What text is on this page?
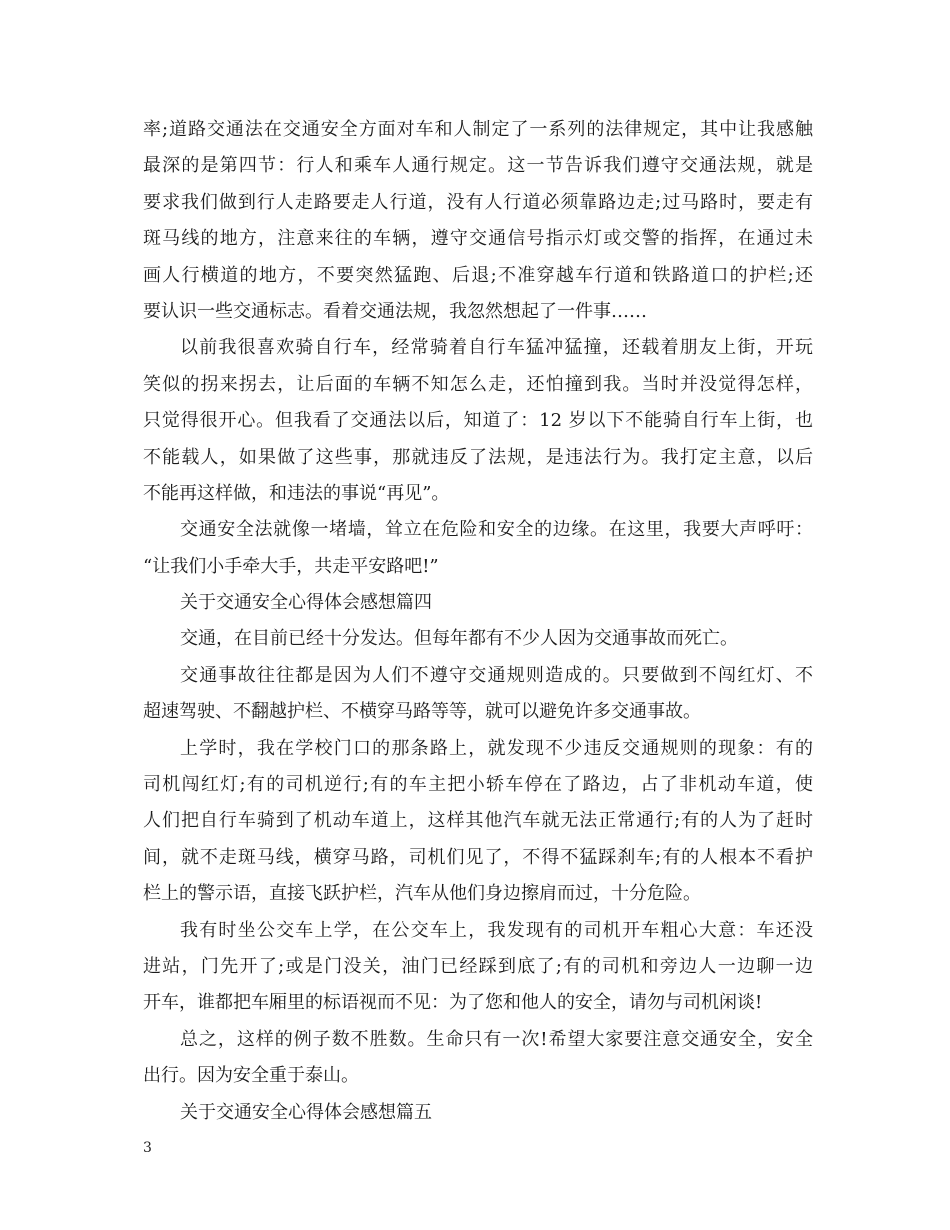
率;道路交通法在交通安全方面对车和人制定了一系列的法律规定，其中让我感触
最深的是第四节：行人和乘车人通行规定。这一节告诉我们遵守交通法规，就是
要求我们做到行人走路要走人行道，没有人行道必须靠路边走;过马路时，要走有
斑马线的地方，注意来往的车辆，遵守交通信号指示灯或交警的指挥，在通过未
画人行横道的地方，不要突然猛跑、后退;不准穿越车行道和铁路道口的护栏;还
要认识一些交通标志。看着交通法规，我忽然想起了一件事……
以前我很喜欢骑自行车，经常骑着自行车猛冲猛撞，还载着朋友上街，开玩
笑似的拐来拐去，让后面的车辆不知怎么走，还怕撞到我。当时并没觉得怎样，
只觉得很开心。但我看了交通法以后，知道了：12 岁以下不能骑自行车上街，也
不能载人，如果做了这些事，那就违反了法规，是违法行为。我打定主意，以后
不能再这样做，和违法的事说“再见”。
交通安全法就像一堵墙，耸立在危险和安全的边缘。在这里，我要大声呼吁：
“让我们小手牵大手，共走平安路吧!”
关于交通安全心得体会感想篇四
交通，在目前已经十分发达。但每年都有不少人因为交通事故而死亡。
交通事故往往都是因为人们不遵守交通规则造成的。只要做到不闯红灯、不
超速驾驶、不翻越护栏、不横穿马路等等，就可以避免许多交通事故。
上学时，我在学校门口的那条路上，就发现不少违反交通规则的现象：有的
司机闯红灯;有的司机逆行;有的车主把小轿车停在了路边，占了非机动车道，使
人们把自行车骑到了机动车道上，这样其他汽车就无法正常通行;有的人为了赶时
间，就不走斑马线，横穿马路，司机们见了，不得不猛踩刹车;有的人根本不看护
栏上的警示语，直接飞跃护栏，汽车从他们身边擦肩而过，十分危险。
我有时坐公交车上学，在公交车上，我发现有的司机开车粗心大意：车还没
进站，门先开了;或是门没关，油门已经踩到底了;有的司机和旁边人一边聊一边
开车，谁都把车厢里的标语视而不见：为了您和他人的安全，请勿与司机闲谈!
总之，这样的例子数不胜数。生命只有一次!希望大家要注意交通安全，安全
出行。因为安全重于泰山。
关于交通安全心得体会感想篇五
3
